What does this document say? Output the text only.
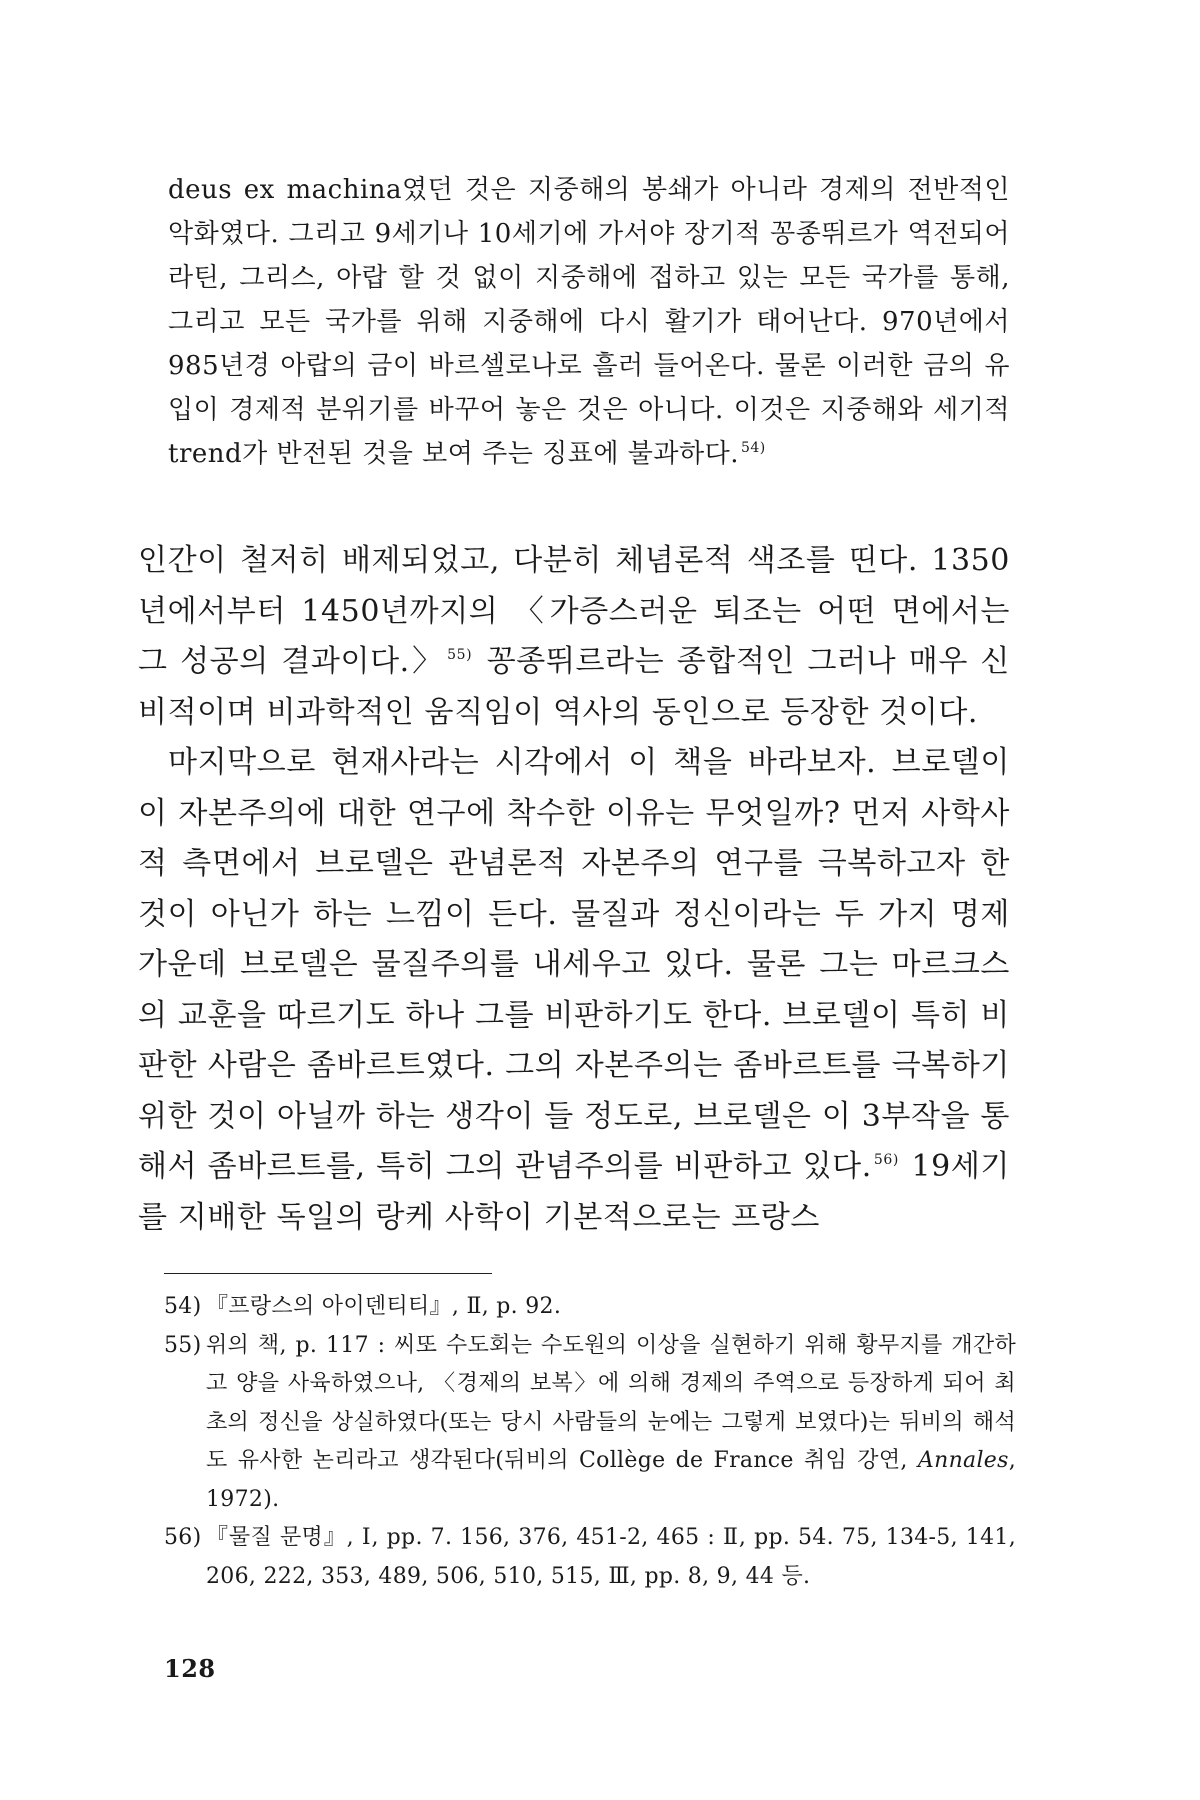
deus ex machina였던 것은 지중해의 봉쇄가 아니라 경제의 전반적인 악화였다. 그리고 9세기나 10세기에 가서야 장기적 꽁종뛰르가 역전되어 라틴, 그리스, 아랍 할 것 없이 지중해에 접하고 있는 모든 국가를 통해, 그리고 모든 국가를 위해 지중해에 다시 활기가 태어난다. 970년에서 985년경 아랍의 금이 바르셀로나로 흘러 들어온다. 물론 이러한 금의 유입이 경제적 분위기를 바꾸어 놓은 것은 아니다. 이것은 지중해와 세기적 trend가 반전된 것을 보여 주는 징표에 불과하다. $^{54)}$

인간이 철저히 배제되었고, 다분히 체념론적 색조를 띤다. 1350년에서부터 1450년까지의 〈가증스러운 퇴조는 어떤 면에서는 그 성공의 결과이다.〉 $^{55)}$ 꽁종뛰르라는 종합적인 그러나 매우 신비적이며 비과학적인 움직임이 역사의 동인으로 등장한 것이다.

마지막으로 현재사라는 시각에서 이 책을 바라보자. 브로델이 이 자본주의에 대한 연구에 착수한 이유는 무엇일까? 먼저 사학사적 측면에서 브로델은 관념론적 자본주의 연구를 극복하고자 한 것이 아닌가 하는 느낌이 든다. 물질과 정신이라는 두 가지 명제 가운데 브로델은 물질주의를 내세우고 있다. 물론 그는 마르크스의 교훈을 따르기도 하나 그를 비판하기도 한다. 브로델이 특히 비판한 사람은 좀바르트였다. 그의 자본주의는 좀바르트를 극복하기 위한 것이 아닐까 하는 생각이 들 정도로, 브로델은 이 3부작을 통해서 좀바르트를, 특히 그의 관념주의를 비판하고 있다. $^{56)}$ 19세기를 지배한 독일의 랑케 사학이 기본적으로는 프랑스

54) 『프랑스의 아이덴티티』, Ⅱ, p. 92.
55) 위의 책, p. 117 : 씨또 수도회는 수도원의 이상을 실현하기 위해 황무지를 개간하고 양을 사육하였으나, 〈경제의 보복〉에 의해 경제의 주역으로 등장하게 되어 최초의 정신을 상실하였다(또는 당시 사람들의 눈에는 그렇게 보였다)는 뒤비의 해석도 유사한 논리라고 생각된다(뒤비의 Collège de France 취임 강연, Annales, 1972).
56) 『물질 문명』, Ⅰ, pp. 7. 156, 376, 451-2, 465 : Ⅱ, pp. 54. 75, 134-5, 141, 206, 222, 353, 489, 506, 510, 515, Ⅲ, pp. 8, 9, 44 등.
128
